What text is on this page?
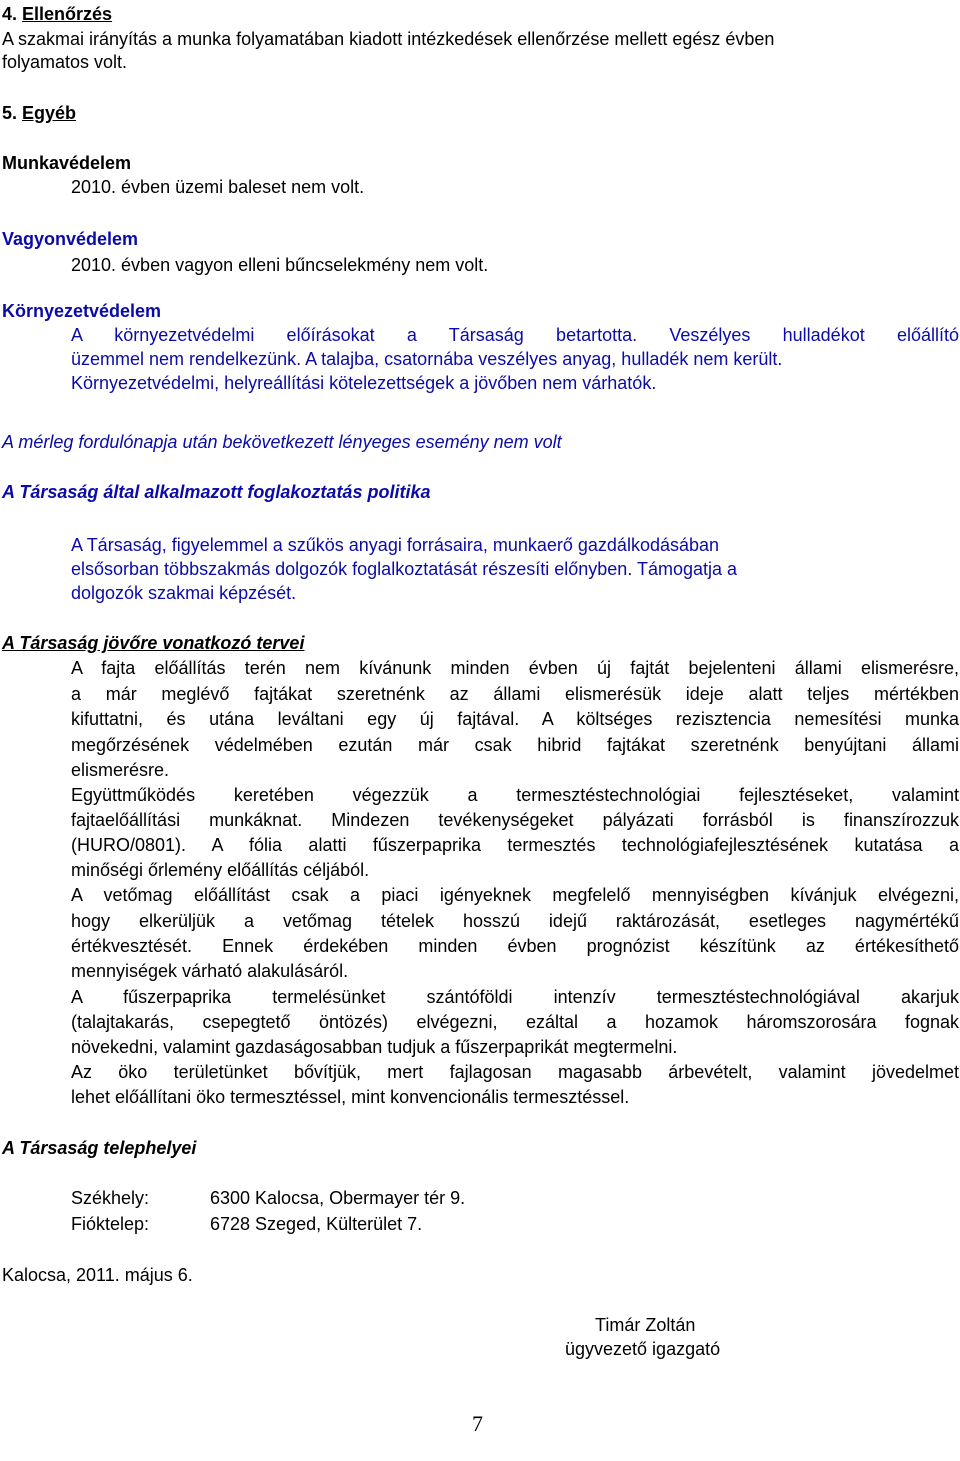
4. Ellenőrzés
A szakmai irányítás a munka folyamatában kiadott intézkedések ellenőrzése mellett egész évben
folyamatos volt.
5. Egyéb
Munkavédelem
2010. évben üzemi baleset nem volt.
Vagyonvédelem
2010. évben vagyon elleni bűncselekmény nem volt.
Környezetvédelem
A környezetvédelmi előírásokat a Társaság betartotta. Veszélyes hulladékot előállító
üzemmel nem rendelkezünk. A talajba, csatornába veszélyes anyag, hulladék nem került.
Környezetvédelmi, helyreállítási kötelezettségek a jövőben nem várhatók.
A mérleg fordulónapja után bekövetkezett lényeges esemény nem volt
A Társaság által alkalmazott foglakoztatás politika
A Társaság, figyelemmel a szűkös anyagi forrásaira, munkaerő gazdálkodásában
elsősorban többszakmás dolgozók foglalkoztatását részesíti előnyben. Támogatja a
dolgozók szakmai képzését.
A Társaság jövőre vonatkozó tervei
A fajta előállítás terén nem kívánunk minden évben új fajtát bejelenteni állami elismerésre,
a már meglévő fajtákat szeretnénk az állami elismerésük ideje alatt teljes mértékben
kifuttatni, és utána leváltani egy új fajtával. A költséges rezisztencia nemesítési munka
megőrzésének védelmében ezután már csak hibrid fajtákat szeretnénk benyújtani állami
elismerésre.
Együttműködés keretében végezzük a termesztéstechnológiai fejlesztéseket, valamint
fajtaelőállítási munkáknat. Mindezen tevékenységeket pályázati forrásból is finanszírozzuk
(HURO/0801). A fólia alatti fűszerpaprika termesztés technológiafejlesztésének kutatása a
minőségi őrlemény előállítás céljából.
A vetőmag előállítást csak a piaci igényeknek megfelelő mennyiségben kívánjuk elvégezni,
hogy elkerüljük a vetőmag tételek hosszú idejű raktározását, esetleges nagymértékű
értékvesztését. Ennek érdekében minden évben prognózist készítünk az értékesíthető
mennyiségek várható alakulásáról.
A fűszerpaprika termelésünket szántóföldi intenzív termesztéstechnológiával akarjuk
(talajtakarás, csepegtető öntözés) elvégezni, ezáltal a hozamok háromszorosára fognak
növekedni, valamint gazdaságosabban tudjuk a fűszerpaprikát megtermelni.
Az öko területünket bővítjük, mert fajlagosan magasabb árbevételt, valamint jövedelmet
lehet előállítani öko termesztéssel, mint konvencionális termesztéssel.
A Társaság telephelyei
Székhely:	6300 Kalocsa, Obermayer tér 9.
Fióktelep:	6728 Szeged, Külterület 7.
Kalocsa, 2011. május 6.
Timár Zoltán
ügyvezető igazgató
7
